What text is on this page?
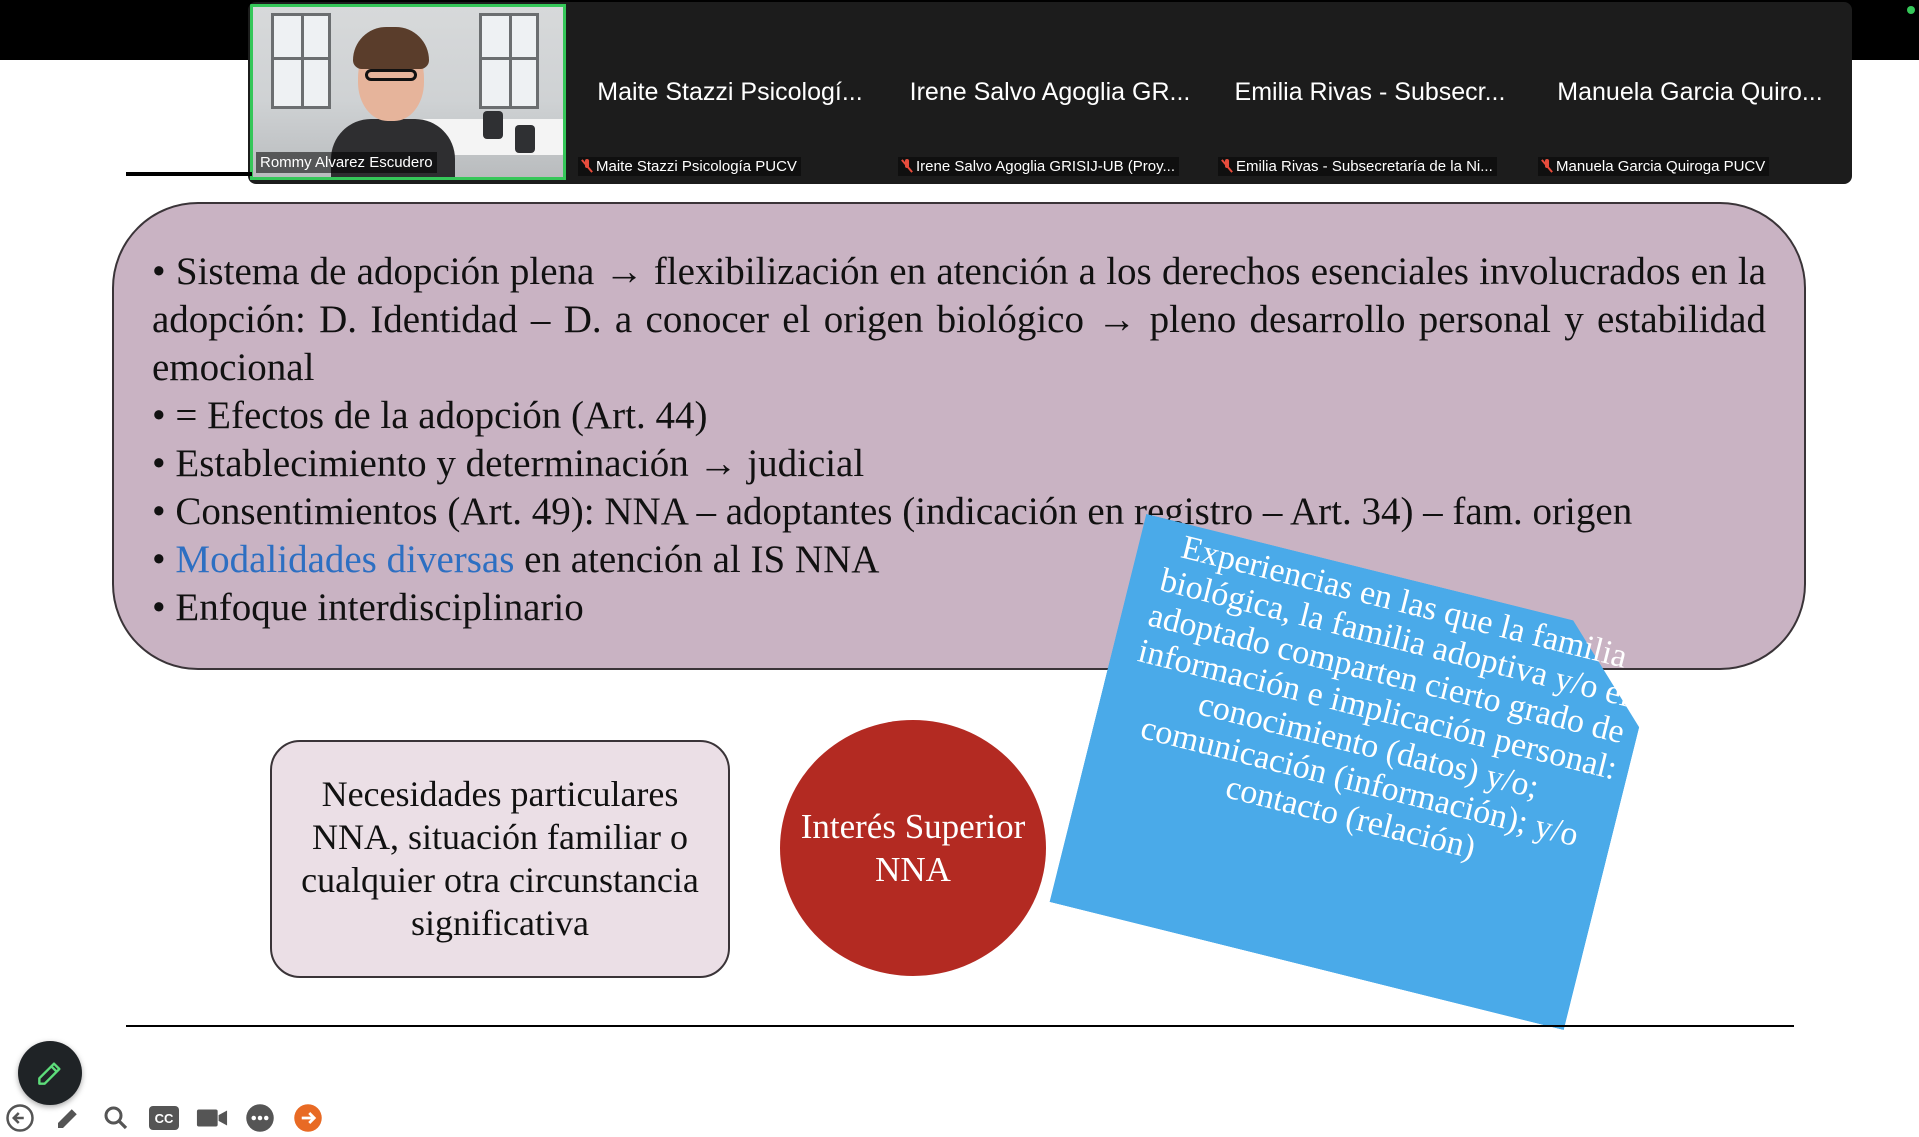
Rommy Alvarez Escudero
Maite Stazzi Psicologí...
Maite Stazzi Psicología PUCV
Irene Salvo Agoglia GR...
Irene Salvo Agoglia GRISIJ-UB (Proy...
Emilia Rivas - Subsecr...
Emilia Rivas - Subsecretaría de la Ni...
Manuela Garcia Quiro...
Manuela Garcia Quiroga PUCV

• Sistema de adopción plena → flexibilización en atención a los derechos esenciales involucrados en la adopción: D. Identidad – D. a conocer el origen biológico → pleno desarrollo personal y estabilidad emocional

• = Efectos de la adopción (Art. 44)

• Establecimiento y determinación → judicial

• Consentimientos (Art. 49): NNA – adoptantes (indicación en registro – Art. 34) – fam. origen

• Modalidades diversas en atención al IS NNA

• Enfoque interdisciplinario

Necesidades particulares NNA, situación familiar o cualquier otra circunstancia significativa
Interés Superior NNA
Experiencias en las que la familia biológica, la familia adoptiva y/o el adoptado comparten cierto grado de información e implicación personal: conocimiento (datos) y/o; comunicación (información); y/o contacto (relación)
CC
